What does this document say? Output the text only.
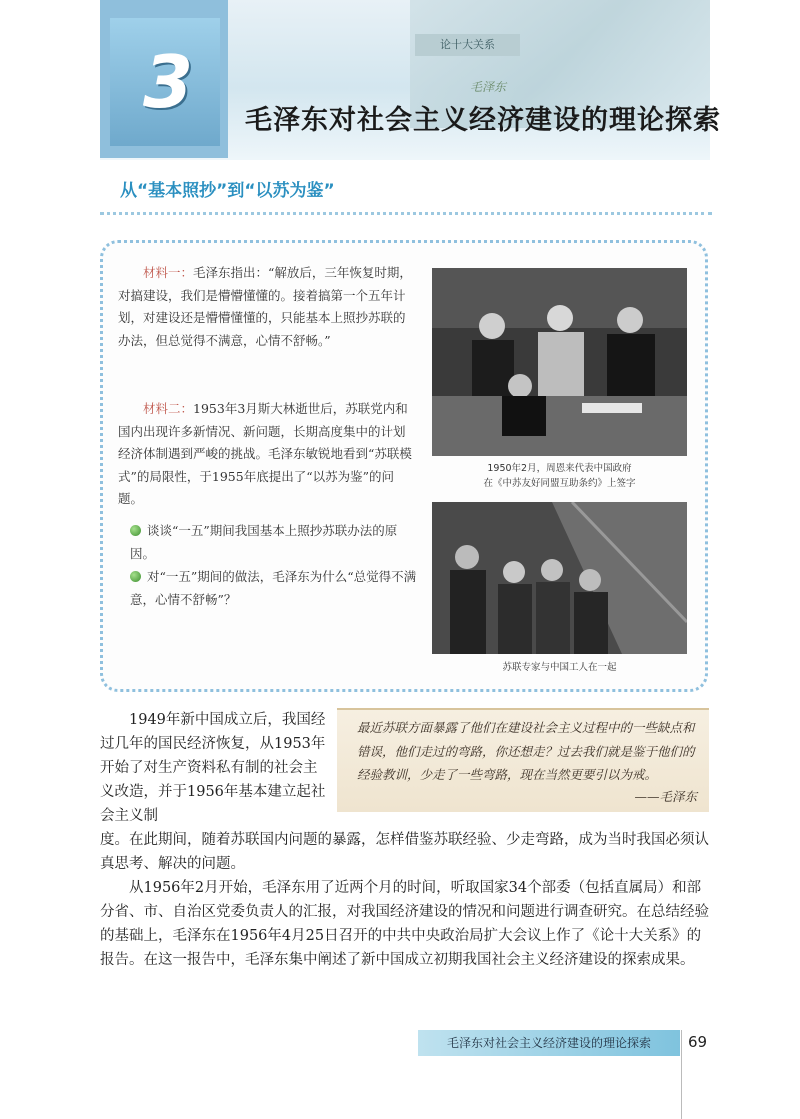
论十大关系
毛泽东
3	毛泽东对社会主义经济建设的理论探索
从“基本照抄”到“以苏为鉴”

材料一：毛泽东指出：“解放后，三年恢复时期，对搞建设，我们是懵懵懂懂的。接着搞第一个五年计划，对建设还是懵懵懂懂的，只能基本上照抄苏联的办法，但总觉得不满意，心情不舒畅。”

材料二：1953年3月斯大林逝世后，苏联党内和国内出现许多新情况、新问题，长期高度集中的计划经济体制遇到严峻的挑战。毛泽东敏锐地看到“苏联模式”的局限性，于1955年底提出了“以苏为鉴”的问题。

谈谈“一五”期间我国基本上照抄苏联办法的原因。
对“一五”期间的做法，毛泽东为什么“总觉得不满意，心情不舒畅”？
1950年2月，周恩来代表中国政府
在《中苏友好同盟互助条约》上签字
苏联专家与中国工人在一起

1949年新中国成立后，我国经过几年的国民经济恢复，从1953年开始了对生产资料私有制的社会主义改造，并于1956年基本建立起社会主义制

最近苏联方面暴露了他们在建设社会主义过程中的一些缺点和错误，他们走过的弯路，你还想走？过去我们就是鉴于他们的经验教训，少走了一些弯路，现在当然更要引以为戒。
——毛泽东

度。在此期间，随着苏联国内问题的暴露，怎样借鉴苏联经验、少走弯路，成为当时我国必须认真思考、解决的问题。

从1956年2月开始，毛泽东用了近两个月的时间，听取国家34个部委（包括直属局）和部分省、市、自治区党委负责人的汇报，对我国经济建设的情况和问题进行调查研究。在总结经验的基础上，毛泽东在1956年4月25日召开的中共中央政治局扩大会议上作了《论十大关系》的报告。在这一报告中，毛泽东集中阐述了新中国成立初期我国社会主义经济建设的探索成果。

毛泽东对社会主义经济建设的理论探索	69
